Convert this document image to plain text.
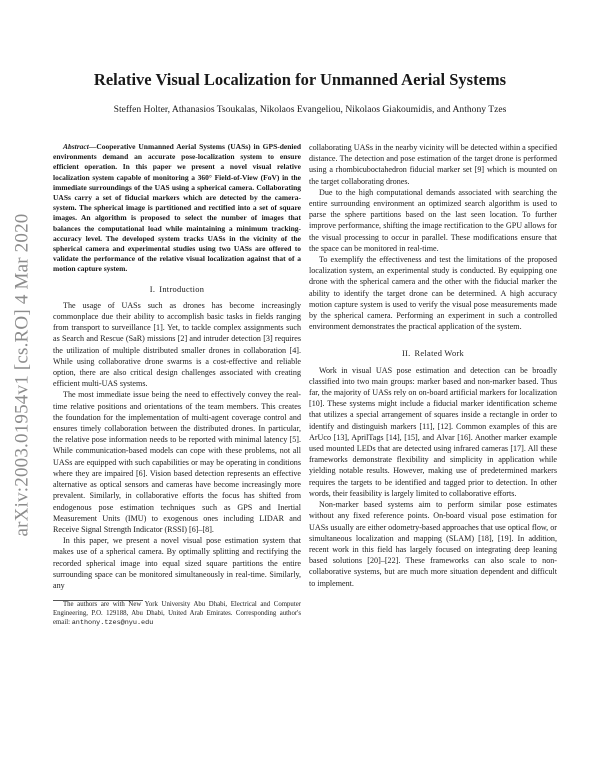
arXiv:2003.01954v1 [cs.RO] 4 Mar 2020
Relative Visual Localization for Unmanned Aerial Systems

Steffen Holter, Athanasios Tsoukalas, Nikolaos Evangeliou, Nikolaos Giakoumidis, and Anthony Tzes

Abstract—Cooperative Unmanned Aerial Systems (UASs) in GPS-denied environments demand an accurate pose-localization system to ensure efficient operation. In this paper we present a novel visual relative localization system capable of monitoring a 360° Field-of-View (FoV) in the immediate surroundings of the UAS using a spherical camera. Collaborating UASs carry a set of fiducial markers which are detected by the camera-system. The spherical image is partitioned and rectified into a set of square images. An algorithm is proposed to select the number of images that balances the computational load while maintaining a minimum tracking-accuracy level. The developed system tracks UASs in the vicinity of the spherical camera and experimental studies using two UASs are offered to validate the performance of the relative visual localization against that of a motion capture system.

I. Introduction

The usage of UASs such as drones has become increasingly commonplace due their ability to accomplish basic tasks in fields ranging from transport to surveillance [1]. Yet, to tackle complex assignments such as Search and Rescue (SaR) missions [2] and intruder detection [3] requires the utilization of multiple distributed smaller drones in collaboration [4]. While using collaborative drone swarms is a cost-effective and reliable option, there are also critical design challenges associated with creating efficient multi-UAS systems.

The most immediate issue being the need to effectively convey the real-time relative positions and orientations of the team members. This creates the foundation for the implementation of multi-agent coverage control and ensures timely collaboration between the distributed drones. In particular, the relative pose information needs to be reported with minimal latency [5]. While communication-based models can cope with these problems, not all UASs are equipped with such capabilities or may be operating in conditions where they are impaired [6]. Vision based detection represents an effective alternative as optical sensors and cameras have become increasingly more prevalent. Similarly, in collaborative efforts the focus has shifted from endogenous pose estimation techniques such as GPS and Inertial Measurement Units (IMU) to exogenous ones including LIDAR and Receive Signal Strength Indicator (RSSI) [6]–[8].

In this paper, we present a novel visual pose estimation system that makes use of a spherical camera. By optimally splitting and rectifying the recorded spherical image into equal sized square partitions the entire surrounding space can be monitored simultaneously in real-time. Similarly, any

The authors are with New York University Abu Dhabi, Electrical and Computer Engineering, P.O. 129188, Abu Dhabi, United Arab Emirates. Corresponding author's email: anthony.tzes@nyu.edu

collaborating UASs in the nearby vicinity will be detected within a specified distance. The detection and pose estimation of the target drone is performed using a rhombicuboctahedron fiducial marker set [9] which is mounted on the target collaborating drones.

Due to the high computational demands associated with searching the entire surrounding environment an optimized search algorithm is used to parse the sphere partitions based on the last seen location. To further improve performance, shifting the image rectification to the GPU allows for the visual processing to occur in parallel. These modifications ensure that the space can be monitored in real-time.

To exemplify the effectiveness and test the limitations of the proposed localization system, an experimental study is conducted. By equipping one drone with the spherical camera and the other with the fiducial marker the ability to identify the target drone can be determined. A high accuracy motion capture system is used to verify the visual pose measurements made by the spherical camera. Performing an experiment in such a controlled environment demonstrates the practical application of the system.

II. Related Work

Work in visual UAS pose estimation and detection can be broadly classified into two main groups: marker based and non-marker based. Thus far, the majority of UASs rely on on-board artificial markers for localization [10]. These systems might include a fiducial marker identification scheme that utilizes a special arrangement of squares inside a rectangle in order to identify and distinguish markers [11], [12]. Common examples of this are ArUco [13], AprilTags [14], [15], and Alvar [16]. Another marker example used mounted LEDs that are detected using infrared cameras [17]. All these frameworks demonstrate flexibility and simplicity in application while yielding notable results. However, making use of predetermined markers requires the targets to be identified and tagged prior to detection. In other words, their feasibility is largely limited to collaborative efforts.

Non-marker based systems aim to perform similar pose estimates without any fixed reference points. On-board visual pose estimation for UASs usually are either odometry-based approaches that use optical flow, or simultaneous localization and mapping (SLAM) [18], [19]. In addition, recent work in this field has largely focused on integrating deep leaning based solutions [20]–[22]. These frameworks can also scale to non-collaborative systems, but are much more situation dependent and difficult to implement.
